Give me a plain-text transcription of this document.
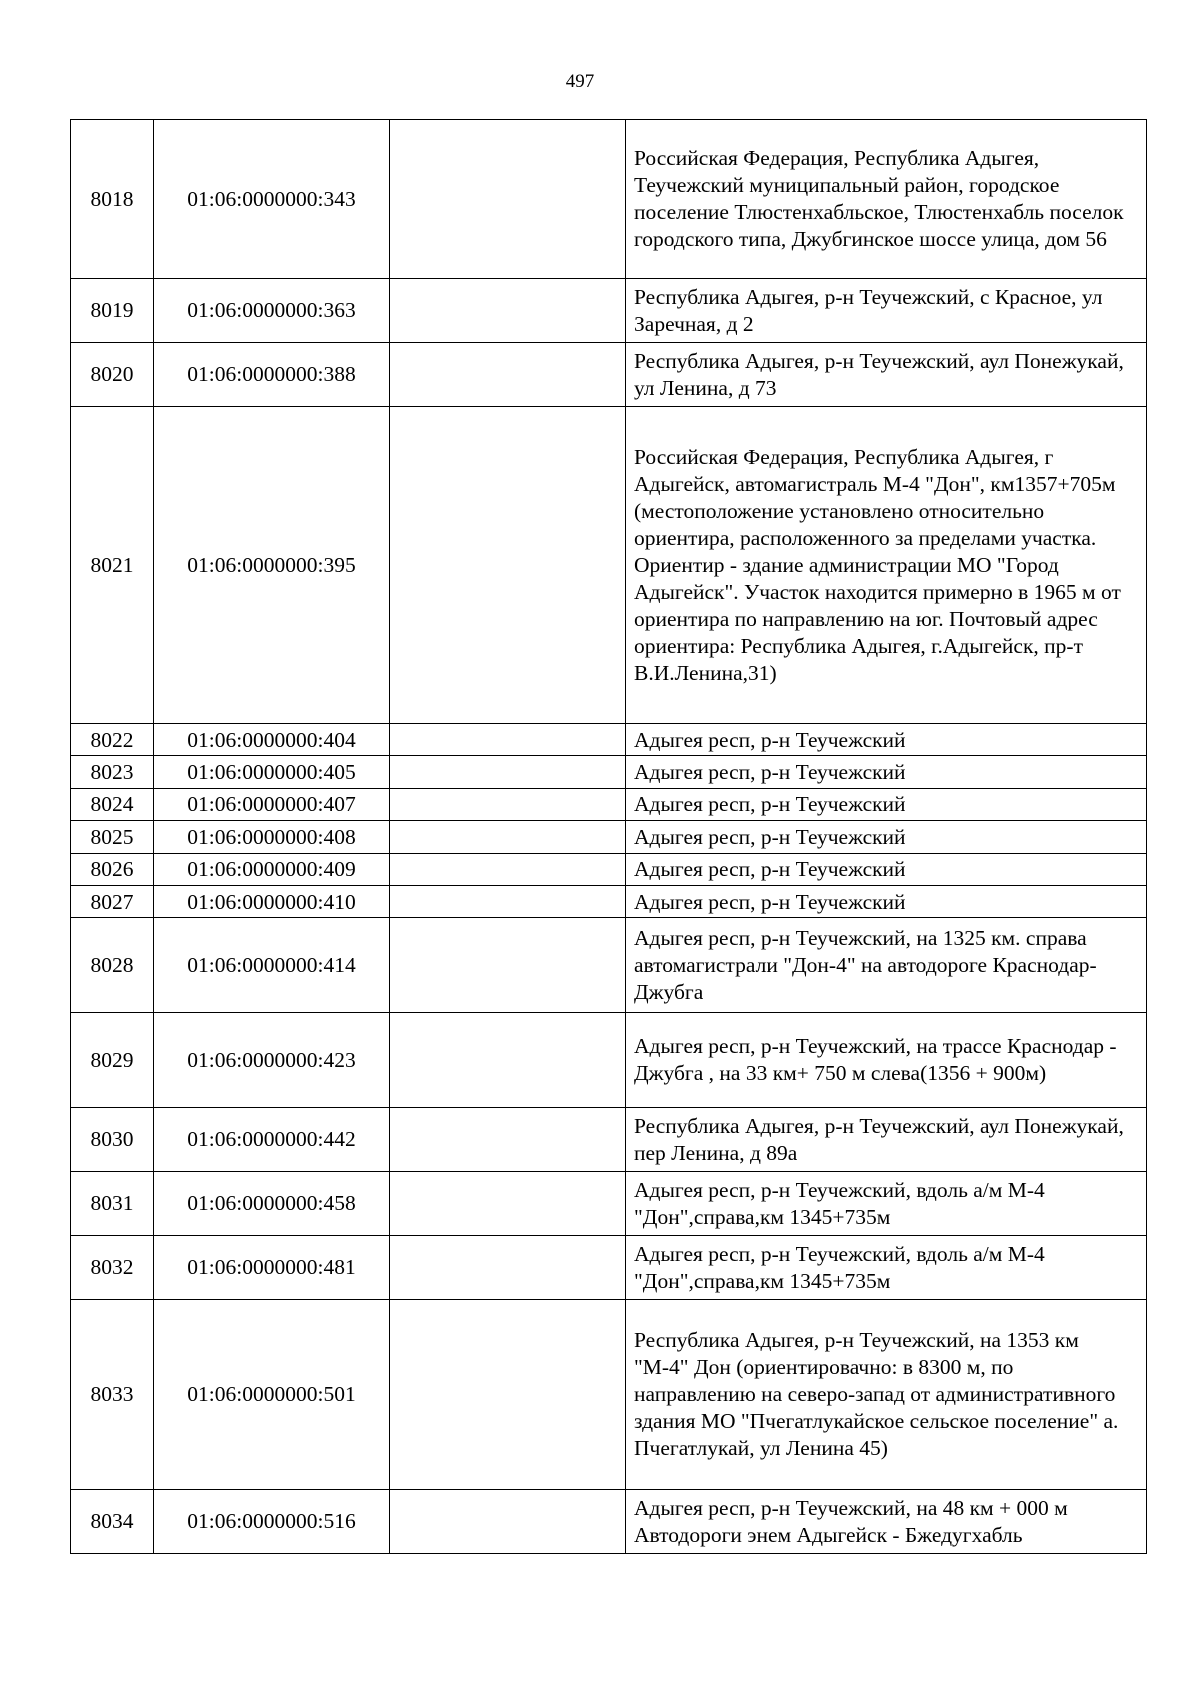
497
8018	01:06:0000000:343		Российская Федерация, Республика Адыгея, Теучежский муниципальный район, городское поселение Тлюстенхабльское, Тлюстенхабль поселок городского типа, Джубгинское шоссе улица, дом 56
8019	01:06:0000000:363		Республика Адыгея, р-н Теучежский, с Красное, ул Заречная, д 2
8020	01:06:0000000:388		Республика Адыгея, р-н Теучежский, аул Понежукай, ул Ленина, д 73
8021	01:06:0000000:395		Российская Федерация, Республика Адыгея, г Адыгейск, автомагистраль М-4 "Дон", км1357+705м (местоположение установлено относительно ориентира, расположенного за пределами участка. Ориентир - здание администрации МО "Город Адыгейск". Участок находится примерно в 1965 м от ориентира по направлению на юг. Почтовый адрес ориентира: Республика Адыгея, г.Адыгейск, пр-т В.И.Ленина,31)
8022	01:06:0000000:404		Адыгея респ, р-н Теучежский
8023	01:06:0000000:405		Адыгея респ, р-н Теучежский
8024	01:06:0000000:407		Адыгея респ, р-н Теучежский
8025	01:06:0000000:408		Адыгея респ, р-н Теучежский
8026	01:06:0000000:409		Адыгея респ, р-н Теучежский
8027	01:06:0000000:410		Адыгея респ, р-н Теучежский
8028	01:06:0000000:414		Адыгея респ, р-н Теучежский, на 1325 км. справа автомагистрали "Дон-4" на автодороге Краснодар-Джубга
8029	01:06:0000000:423		Адыгея респ, р-н Теучежский, на трассе Краснодар - Джубга , на 33 км+ 750 м слева(1356 + 900м)
8030	01:06:0000000:442		Республика Адыгея, р-н Теучежский, аул Понежукай, пер Ленина, д 89а
8031	01:06:0000000:458		Адыгея респ, р-н Теучежский, вдоль а/м М-4 "Дон",справа,км 1345+735м
8032	01:06:0000000:481		Адыгея респ, р-н Теучежский, вдоль а/м М-4 "Дон",справа,км 1345+735м
8033	01:06:0000000:501		Республика Адыгея, р-н Теучежский, на 1353 км "М-4" Дон (ориентировачно: в 8300 м, по направлению на северо-запад от административного здания МО "Пчегатлукайское сельское поселение" а. Пчегатлукай, ул Ленина 45)
8034	01:06:0000000:516		Адыгея респ, р-н Теучежский, на 48 км + 000 м Автодороги энем Адыгейск - Бжедугхабль
